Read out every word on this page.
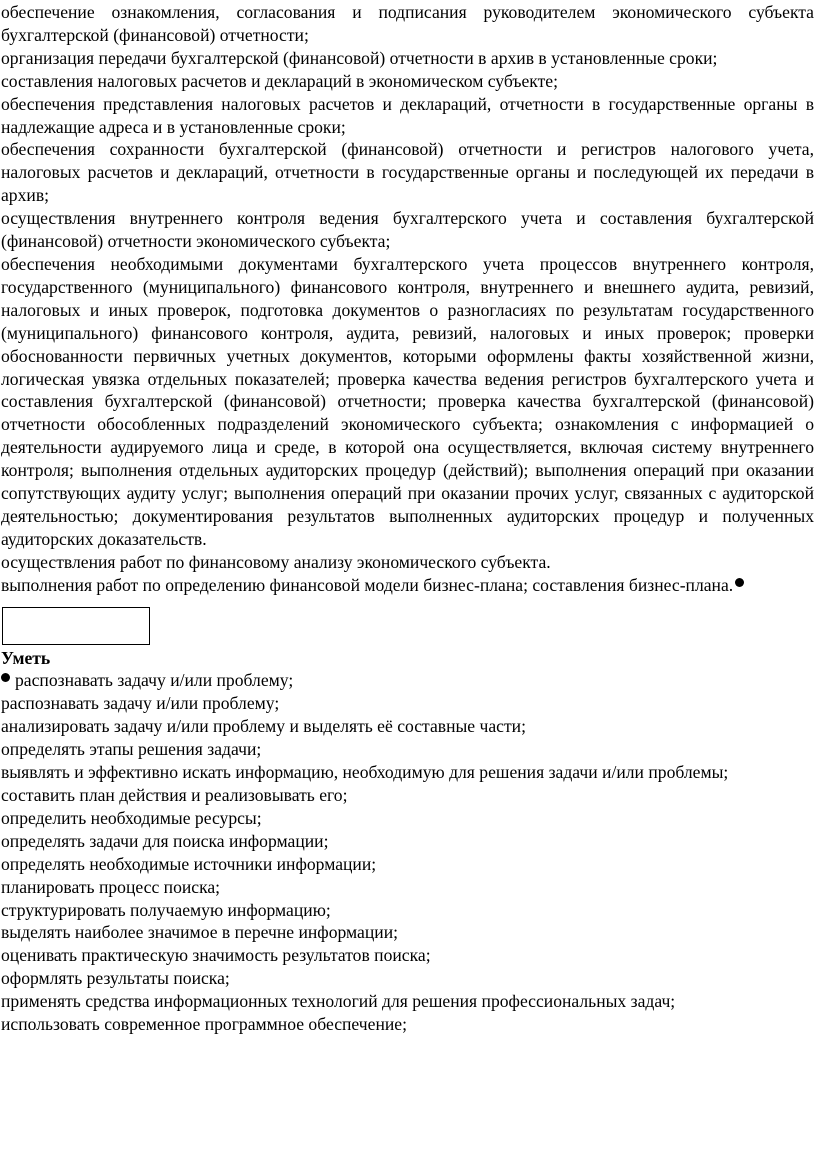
обеспечение ознакомления, согласования и подписания руководителем экономического субъекта бухгалтерской (финансовой) отчетности;

организация передачи бухгалтерской (финансовой) отчетности в архив в установленные сроки;

составления налоговых расчетов и деклараций в экономическом субъекте;

обеспечения представления налоговых расчетов и деклараций, отчетности в государственные органы в надлежащие адреса и в установленные сроки;

обеспечения сохранности бухгалтерской (финансовой) отчетности и регистров налогового учета, налоговых расчетов и деклараций, отчетности в государственные органы и последующей их передачи в архив;

осуществления внутреннего контроля ведения бухгалтерского учета и составления бухгалтерской (финансовой) отчетности экономического субъекта;

обеспечения необходимыми документами бухгалтерского учета процессов внутреннего контроля, государственного (муниципального) финансового контроля, внутреннего и внешнего аудита, ревизий, налоговых и иных проверок, подготовка документов о разногласиях по результатам государственного (муниципального) финансового контроля, аудита, ревизий, налоговых и иных проверок; проверки обоснованности первичных учетных документов, которыми оформлены факты хозяйственной жизни, логическая увязка отдельных показателей; проверка качества ведения регистров бухгалтерского учета и составления бухгалтерской (финансовой) отчетности; проверка качества бухгалтерской (финансовой) отчетности обособленных подразделений экономического субъекта; ознакомления с информацией о деятельности аудируемого лица и среде, в которой она осуществляется, включая систему внутреннего контроля; выполнения отдельных аудиторских процедур (действий); выполнения операций при оказании сопутствующих аудиту услуг; выполнения операций при оказании прочих услуг, связанных с аудиторской деятельностью; документирования результатов выполненных аудиторских процедур и полученных аудиторских доказательств.

осуществления работ по финансовому анализу экономического субъекта.

выполнения работ по определению финансовой модели бизнес-плана; составления бизнес-плана.

Уметь

распознавать задачу и/или проблему;

распознавать задачу и/или проблему;

анализировать задачу и/или проблему и выделять её составные части;

определять этапы решения задачи;

выявлять и эффективно искать информацию, необходимую для решения задачи и/или проблемы;

составить план действия и реализовывать его;

определить необходимые ресурсы;

определять задачи для поиска информации;

определять необходимые источники информации;

планировать процесс поиска;

структурировать получаемую информацию;

выделять наиболее значимое в перечне информации;

оценивать практическую значимость результатов поиска;

оформлять результаты поиска;

применять средства информационных технологий для решения профессиональных задач;

использовать современное программное обеспечение;
